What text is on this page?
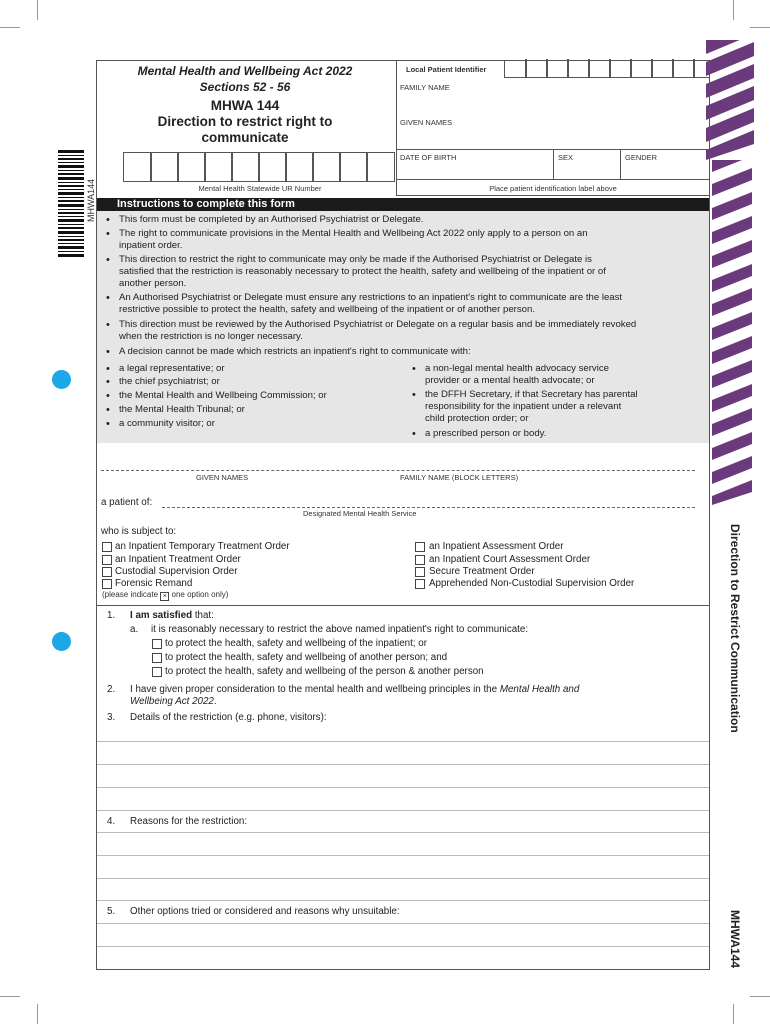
MHWA144
Mental Health and Wellbeing Act 2022
Sections 52 - 56
MHWA 144
Direction to restrict right to
communicate
Mental Health Statewide UR Number
Local Patient Identifier
FAMILY NAME
GIVEN NAMES
DATE OF BIRTH	SEX	GENDER
Place patient identification label above
Instructions to complete this form
• This form must be completed by an Authorised Psychiatrist or Delegate.
• The right to communicate provisions in the Mental Health and Wellbeing Act 2022 only apply to a person on an
inpatient order.
• This direction to restrict the right to communicate may only be made if the Authorised Psychiatrist or Delegate is
satisfied that the restriction is reasonably necessary to protect the health, safety and wellbeing of the inpatient or of
another person.
• An Authorised Psychiatrist or Delegate must ensure any restrictions to an inpatient's right to communicate are the least
restrictive possible to protect the health, safety and wellbeing of the inpatient or of another person.
• This direction must be reviewed by the Authorised Psychiatrist or Delegate on a regular basis and be immediately revoked
when the restriction is no longer necessary.
• A decision cannot be made which restricts an inpatient's right to communicate with:
• a legal representative; or
• the chief psychiatrist; or
• the Mental Health and Wellbeing Commission; or
• the Mental Health Tribunal; or
• a community visitor; or
• a non-legal mental health advocacy service
provider or a mental health advocate; or
• the DFFH Secretary, if that Secretary has parental
responsibility for the inpatient under a relevant
child protection order; or
• a prescribed person or body.
GIVEN NAMES	FAMILY NAME (BLOCK LETTERS)
a patient of:
Designated Mental Health Service
who is subject to:
an Inpatient Temporary Treatment Order
an Inpatient Treatment Order
Custodial Supervision Order
Forensic Remand
an Inpatient Assessment Order
an Inpatient Court Assessment Order
Secure Treatment Order
Apprehended Non-Custodial Supervision Order
(please indicate × one option only)
1. I am satisfied that:
a. it is reasonably necessary to restrict the above named inpatient's right to communicate:
to protect the health, safety and wellbeing of the inpatient; or
to protect the health, safety and wellbeing of another person; and
to protect the health, safety and wellbeing of the person & another person
2. I have given proper consideration to the mental health and wellbeing principles in the Mental Health and
Wellbeing Act 2022.
3. Details of the restriction (e.g. phone, visitors):
4. Reasons for the restriction:
5. Other options tried or considered and reasons why unsuitable:
Direction to Restrict Communication
MHWA144
